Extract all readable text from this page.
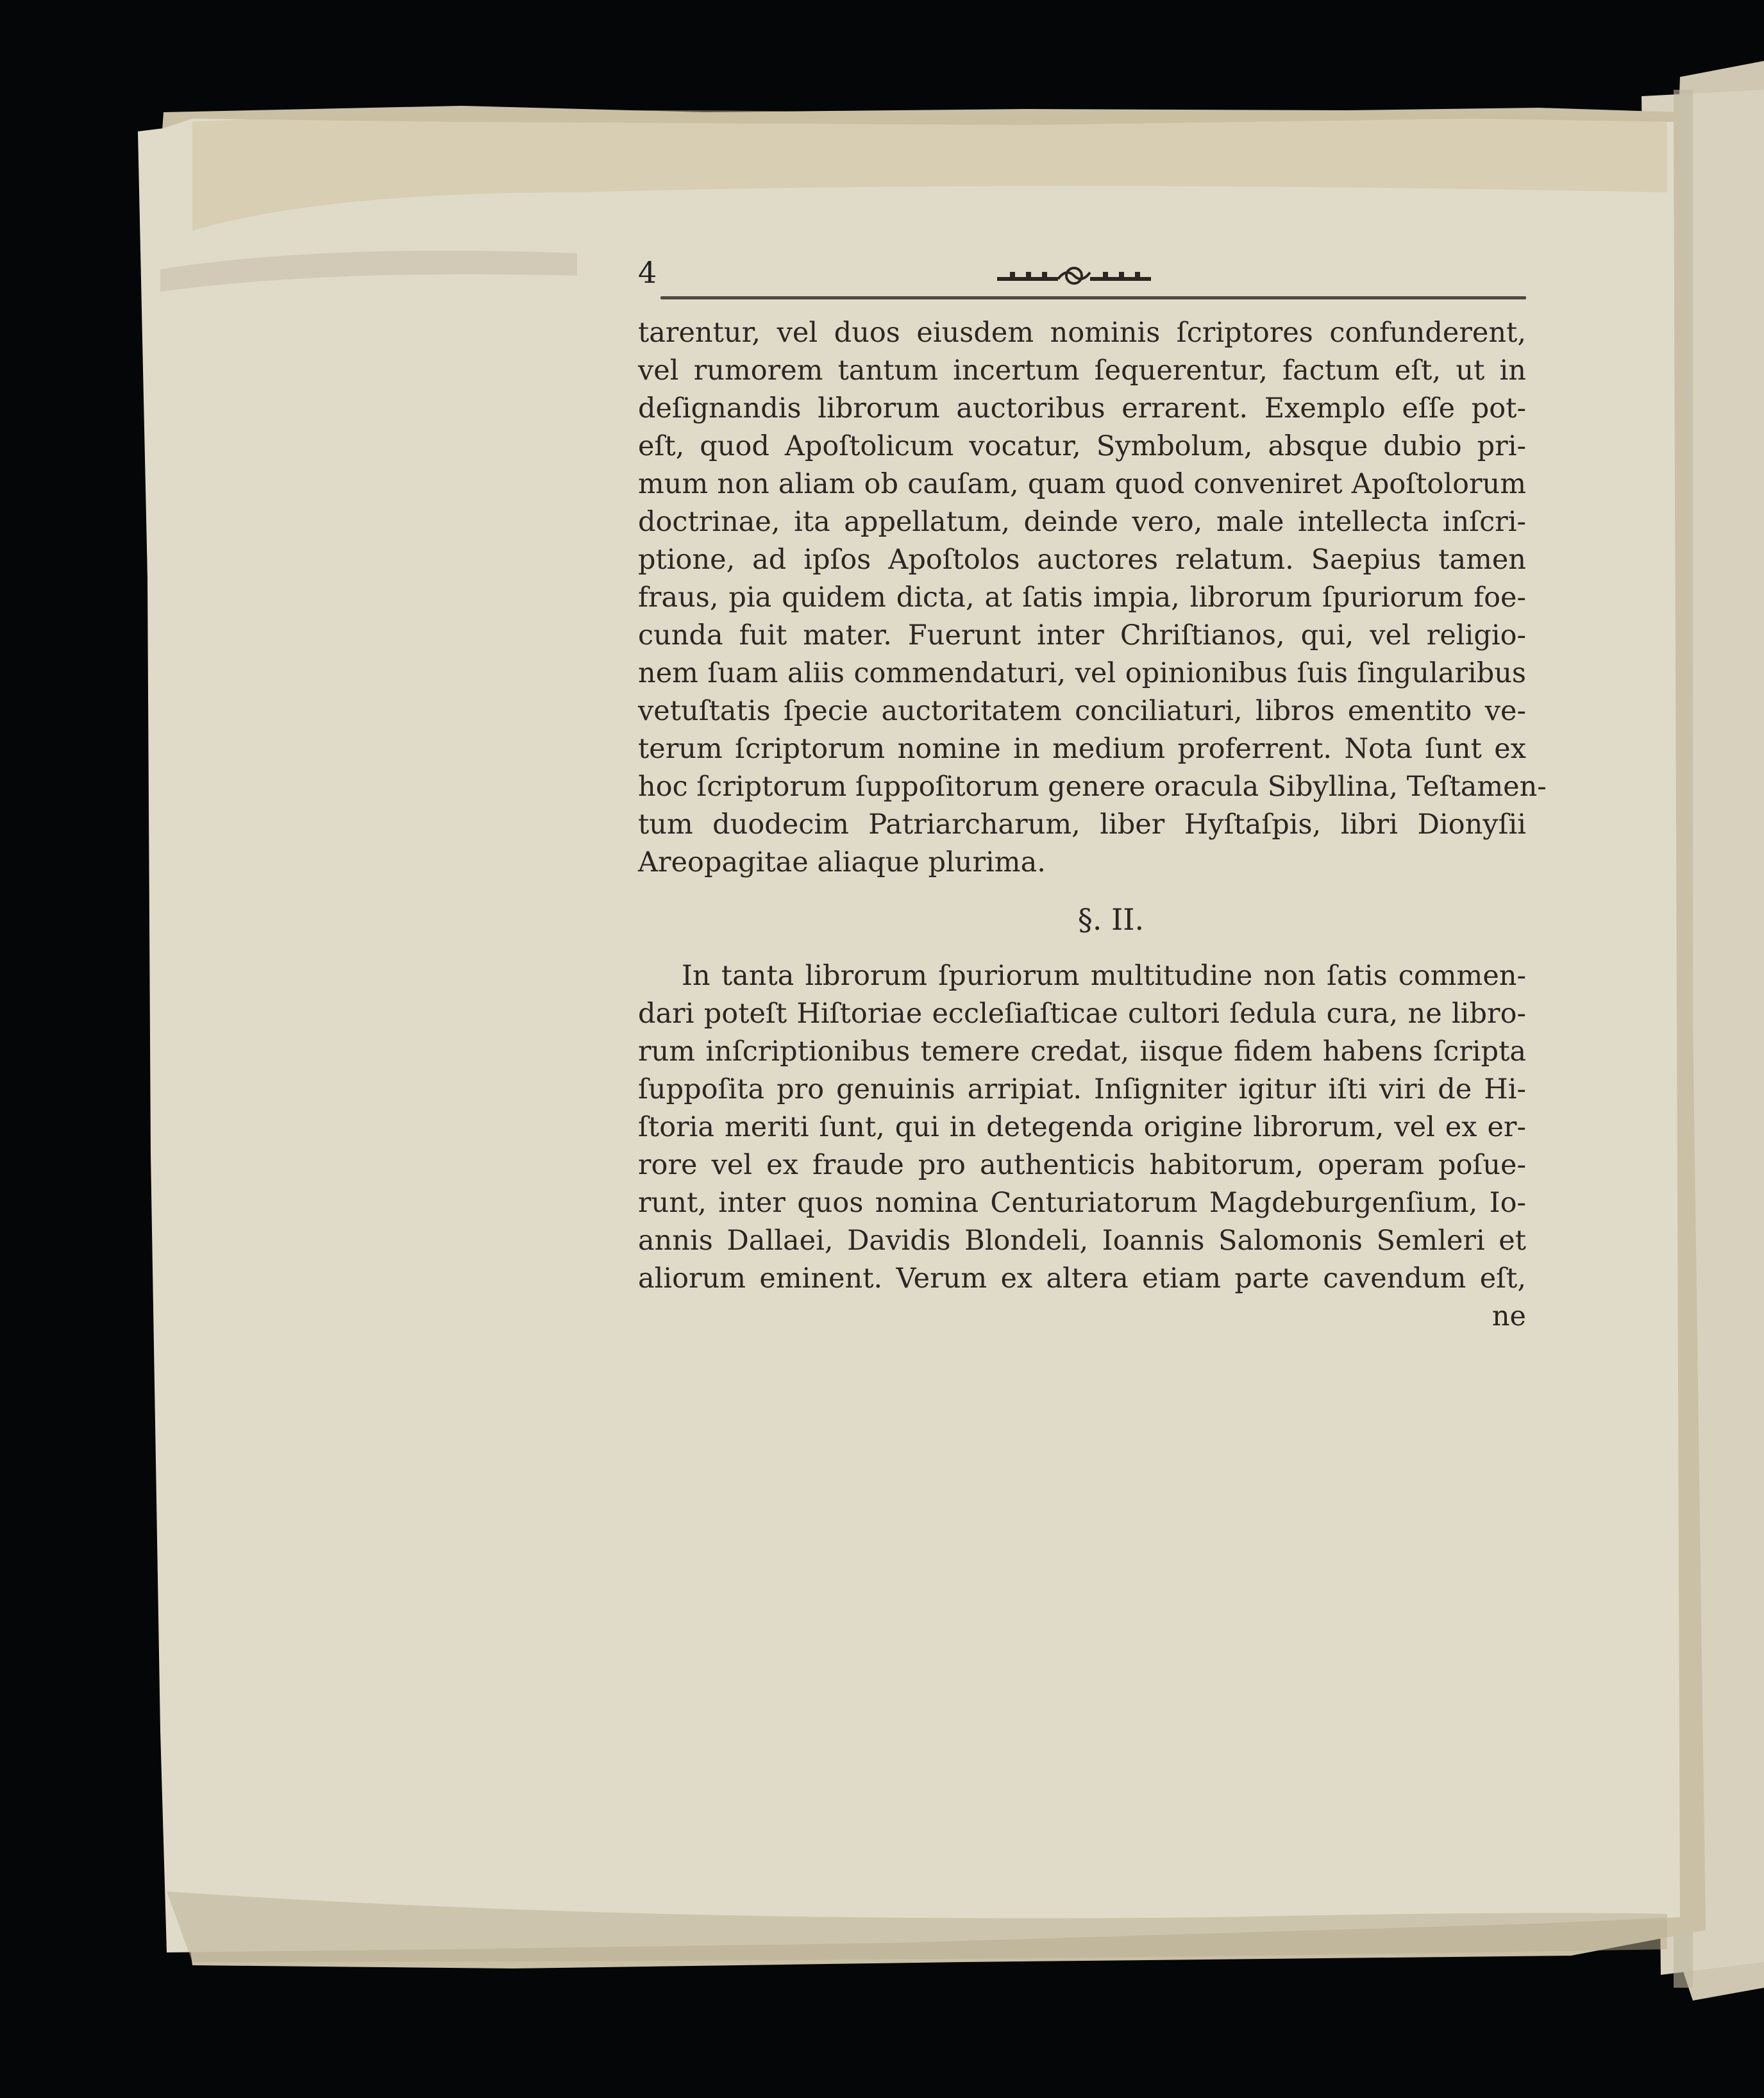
4
tarentur, vel duos eiusdem nominis ſcriptores confunderent,
vel rumorem tantum incertum ſequerentur, factum eſt, ut in
deſignandis librorum auctoribus errarent. Exemplo eſſe pot-
eſt, quod Apoſtolicum vocatur, Symbolum, absque dubio pri-
mum non aliam ob cauſam, quam quod conveniret Apoſtolorum
doctrinae, ita appellatum, deinde vero, male intellecta inſcri-
ptione, ad ipſos Apoſtolos auctores relatum. Saepius tamen
fraus, pia quidem dicta, at ſatis impia, librorum ſpuriorum foe-
cunda fuit mater. Fuerunt inter Chriſtianos, qui, vel religio-
nem ſuam aliis commendaturi, vel opinionibus ſuis ſingularibus
vetuſtatis ſpecie auctoritatem conciliaturi, libros ementito ve-
terum ſcriptorum nomine in medium proferrent. Nota ſunt ex
hoc ſcriptorum ſuppoſitorum genere oracula Sibyllina, Teſtamen-
tum duodecim Patriarcharum, liber Hyſtaſpis, libri Dionyſii
Areopagitae aliaque plurima.
§. II.
In tanta librorum ſpuriorum multitudine non ſatis commen-
dari poteſt Hiſtoriae eccleſiaſticae cultori ſedula cura, ne libro-
rum inſcriptionibus temere credat, iisque fidem habens ſcripta
ſuppoſita pro genuinis arripiat. Inſigniter igitur iſti viri de Hi-
ſtoria meriti ſunt, qui in detegenda origine librorum, vel ex er-
rore vel ex fraude pro authenticis habitorum, operam poſue-
runt, inter quos nomina Centuriatorum Magdeburgenſium, Io-
annis Dallaei, Davidis Blondeli, Ioannis Salomonis Semleri et
aliorum eminent. Verum ex altera etiam parte cavendum eſt,
ne
